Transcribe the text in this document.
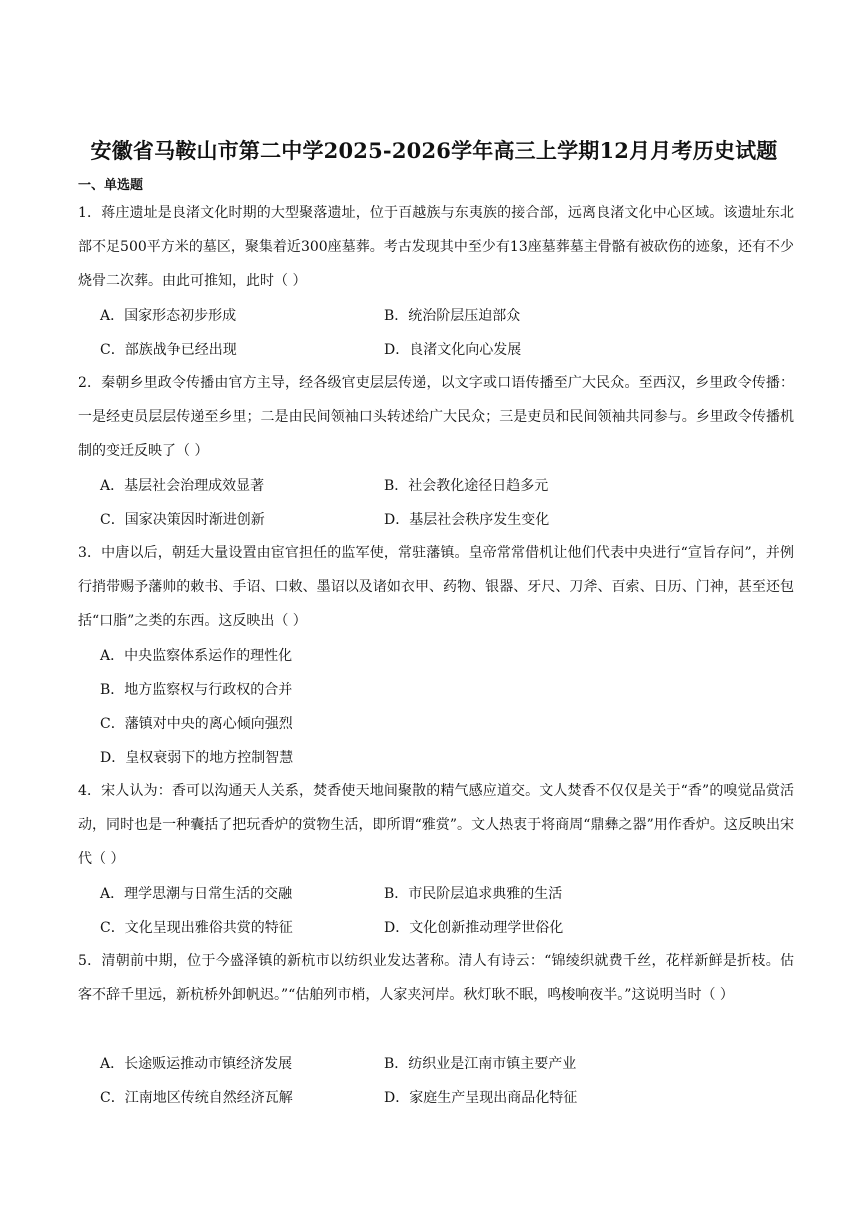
安徽省马鞍山市第二中学2025-2026学年高三上学期12月月考历史试题
一、单选题
1．蒋庄遗址是良渚文化时期的大型聚落遗址，位于百越族与东夷族的接合部，远离良渚文化中心区域。该遗址东北部不足500平方米的墓区，聚集着近300座墓葬。考古发现其中至少有13座墓葬墓主骨骼有被砍伤的迹象，还有不少烧骨二次葬。由此可推知，此时（ ）
A．国家形态初步形成	B．统治阶层压迫部众
C．部族战争已经出现	D．良渚文化向心发展
2．秦朝乡里政令传播由官方主导，经各级官吏层层传递，以文字或口语传播至广大民众。至西汉，乡里政令传播：一是经吏员层层传递至乡里；二是由民间领袖口头转述给广大民众；三是吏员和民间领袖共同参与。乡里政令传播机制的变迁反映了（ ）
A．基层社会治理成效显著	B．社会教化途径日趋多元
C．国家决策因时渐进创新	D．基层社会秩序发生变化
3．中唐以后，朝廷大量设置由宦官担任的监军使，常驻藩镇。皇帝常常借机让他们代表中央进行“宣旨存问”，并例行捎带赐予藩帅的敕书、手诏、口敕、墨诏以及诸如衣甲、药物、银器、牙尺、刀斧、百索、日历、门神，甚至还包括“口脂”之类的东西。这反映出（ ）
A．中央监察体系运作的理性化
B．地方监察权与行政权的合并
C．藩镇对中央的离心倾向强烈
D．皇权衰弱下的地方控制智慧
4．宋人认为：香可以沟通天人关系，焚香使天地间聚散的精气感应道交。文人焚香不仅仅是关于“香”的嗅觉品赏活动，同时也是一种囊括了把玩香炉的赏物生活，即所谓“雅赏”。文人热衷于将商周“鼎彝之器”用作香炉。这反映出宋代（ ）
A．理学思潮与日常生活的交融	B．市民阶层追求典雅的生活
C．文化呈现出雅俗共赏的特征	D．文化创新推动理学世俗化
5．清朝前中期，位于今盛泽镇的新杭市以纺织业发达著称。清人有诗云：“锦绫织就费千丝，花样新鲜是折枝。估客不辞千里远，新杭桥外卸帆迟。”“估舶列市梢，人家夹河岸。秋灯耿不眠，鸣梭响夜半。”这说明当时（ ）
A．长途贩运推动市镇经济发展	B．纺织业是江南市镇主要产业
C．江南地区传统自然经济瓦解	D．家庭生产呈现出商品化特征
